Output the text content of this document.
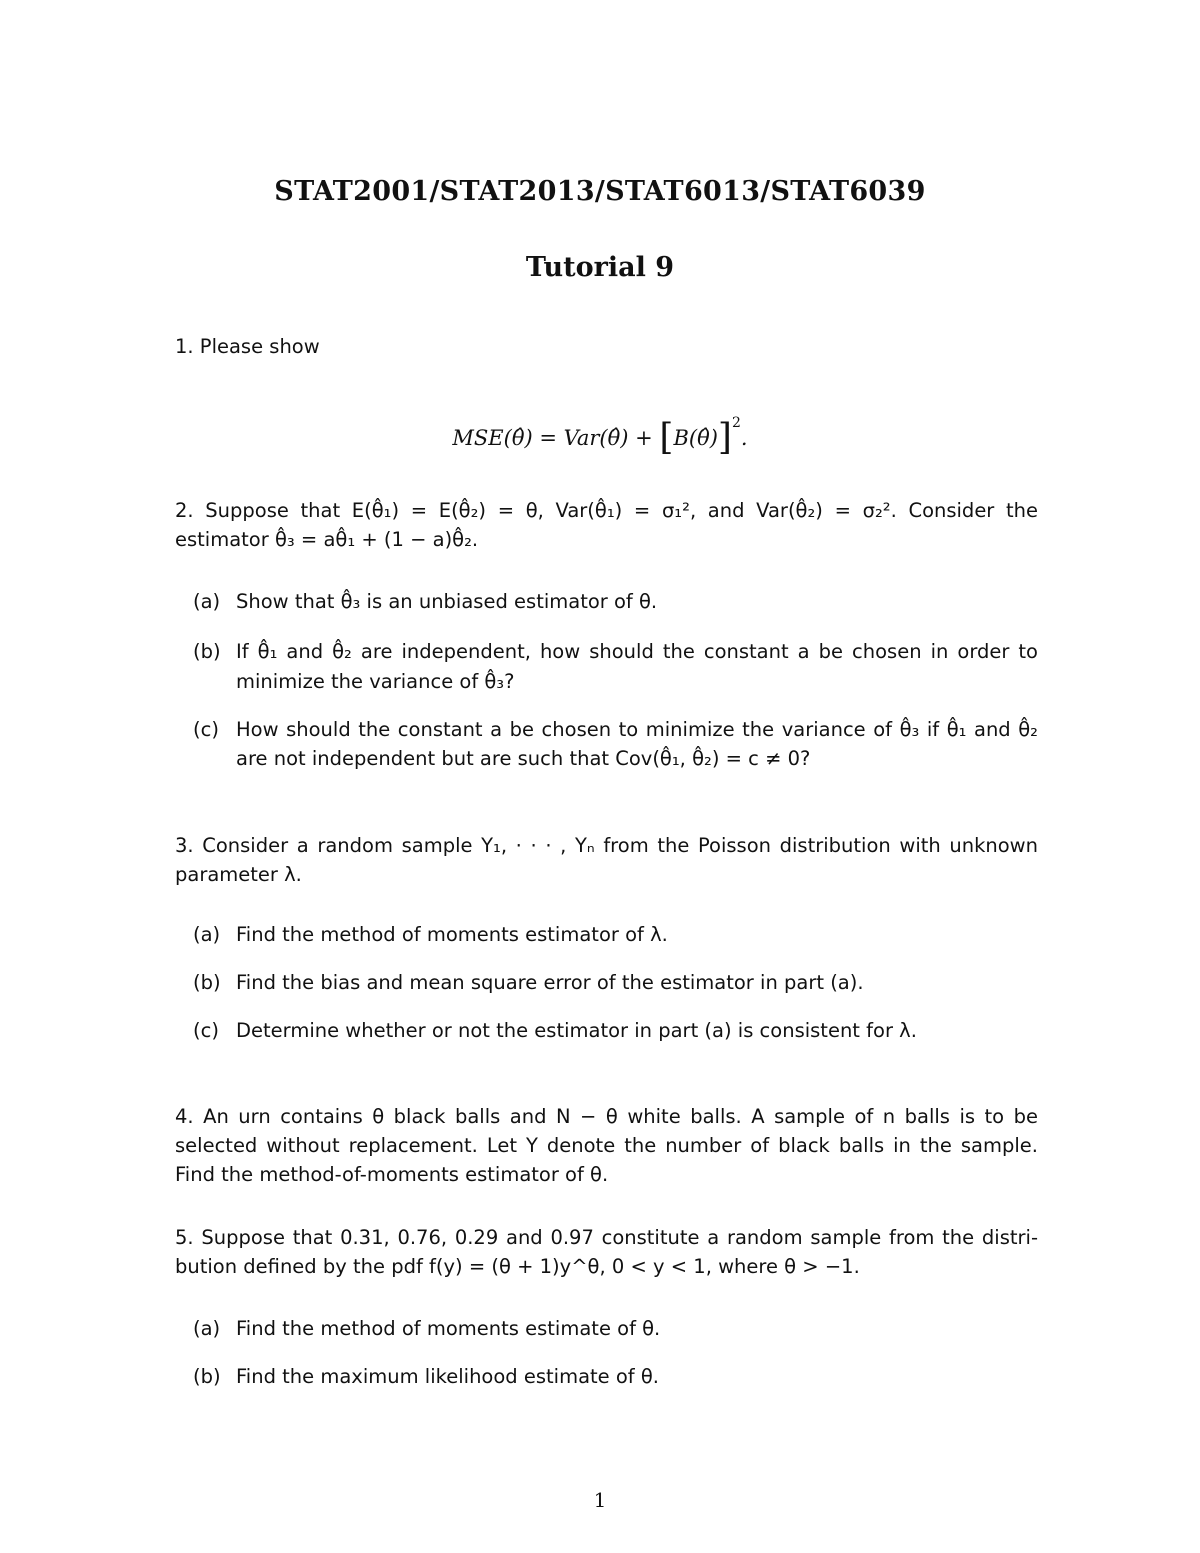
STAT2001/STAT2013/STAT6013/STAT6039
Tutorial 9
1. Please show
MSE(θ̂) = Var(θ̂) + [B(θ̂)]$^2$.
2. Suppose that E(θ̂₁) = E(θ̂₂) = θ, Var(θ̂₁) = σ₁², and Var(θ̂₂) = σ₂². Consider the
estimator θ̂₃ = aθ̂₁ + (1 − a)θ̂₂.
(a) Show that θ̂₃ is an unbiased estimator of θ.
(b) If θ̂₁ and θ̂₂ are independent, how should the constant a be chosen in order to
minimize the variance of θ̂₃?
(c) How should the constant a be chosen to minimize the variance of θ̂₃ if θ̂₁ and θ̂₂
are not independent but are such that Cov(θ̂₁, θ̂₂) = c ≠ 0?
3. Consider a random sample Y₁, · · · , Yₙ from the Poisson distribution with unknown
parameter λ.
(a) Find the method of moments estimator of λ.
(b) Find the bias and mean square error of the estimator in part (a).
(c) Determine whether or not the estimator in part (a) is consistent for λ.
4. An urn contains θ black balls and N − θ white balls. A sample of n balls is to be
selected without replacement. Let Y denote the number of black balls in the sample.
Find the method-of-moments estimator of θ.
5. Suppose that 0.31, 0.76, 0.29 and 0.97 constitute a random sample from the distri-
bution defined by the pdf f(y) = (θ + 1)y^θ, 0 < y < 1, where θ > −1.
(a) Find the method of moments estimate of θ.
(b) Find the maximum likelihood estimate of θ.
1
